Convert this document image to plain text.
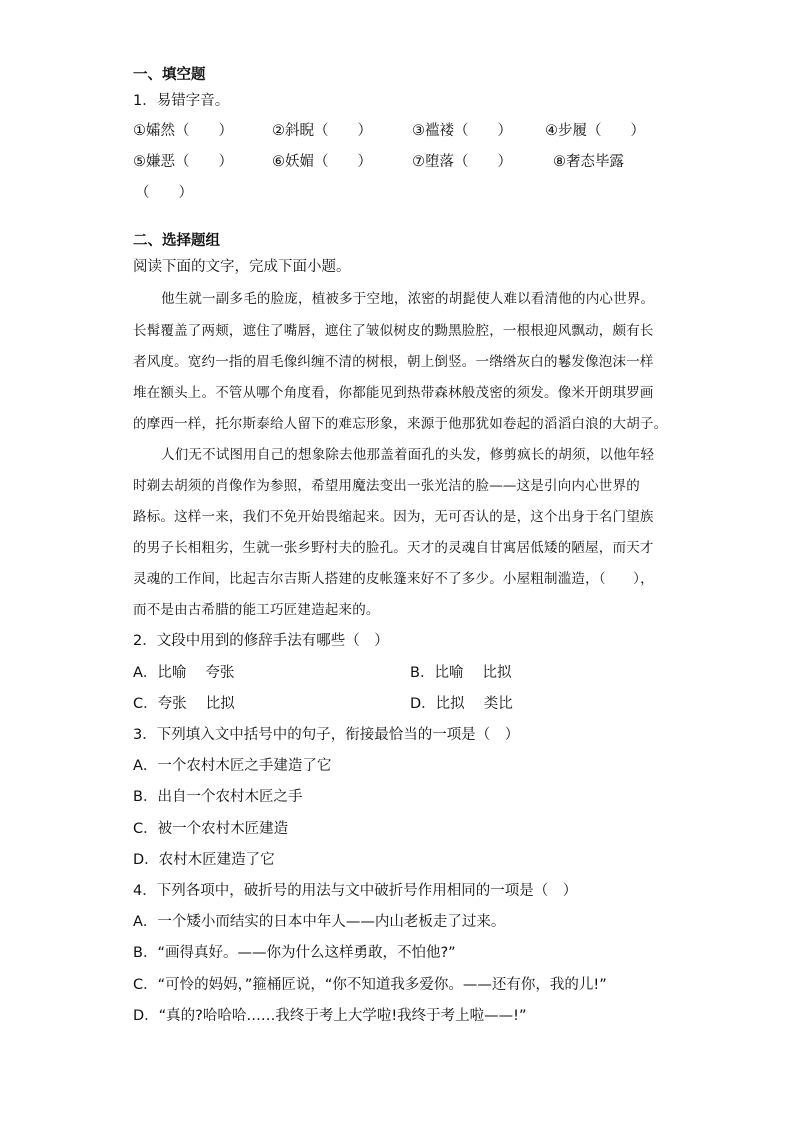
一、填空题
1．易错字音。
①孀然（　　）	②斜睨（　　）	③褴褛（　　） ④步履（　　）
⑤嫌恶（　　）	⑥妖媚（　　）	⑦堕落（　　）	⑧奢态毕露
（　　）
二、选择题组
阅读下面的文字，完成下面小题。
他生就一副多毛的脸庞，植被多于空地，浓密的胡髭使人难以看清他的内心世界。
长髯覆盖了两颊，遮住了嘴唇，遮住了皱似树皮的黝黑脸腔，一根根迎风飘动，颇有长
者风度。宽约一指的眉毛像纠缠不清的树根，朝上倒竖。一绺绺灰白的鬈发像泡沫一样
堆在额头上。不管从哪个角度看，你都能见到热带森林般茂密的须发。像米开朗琪罗画
的摩西一样，托尔斯泰给人留下的难忘形象，来源于他那犹如卷起的滔滔白浪的大胡子。
人们无不试图用自己的想象除去他那盖着面孔的头发，修剪疯长的胡须，以他年轻
时剃去胡须的肖像作为参照，希望用魔法变出一张光洁的脸——这是引向内心世界的
路标。这样一来，我们不免开始畏缩起来。因为，无可否认的是，这个出身于名门望族
的男子长相粗劣，生就一张乡野村夫的脸孔。天才的灵魂自甘寓居低矮的陋屋，而天才
灵魂的工作间，比起吉尔吉斯人搭建的皮帐篷来好不了多少。小屋粗制滥造，（　　），
而不是由古希腊的能工巧匠建造起来的。
2．文段中用到的修辞手法有哪些（　）
A．比喻　 夸张	B．比喻　 比拟
C．夸张　 比拟	D．比拟　 类比
3．下列填入文中括号中的句子，衔接最恰当的一项是（　）
A．一个农村木匠之手建造了它
B．出自一个农村木匠之手
C．被一个农村木匠建造
D．农村木匠建造了它
4．下列各项中，破折号的用法与文中破折号作用相同的一项是（　）
A．一个矮小而结实的日本中年人——内山老板走了过来。
B．“画得真好。——你为什么这样勇敢，不怕他?”
C．“可怜的妈妈，”箍桶匠说，“你不知道我多爱你。——还有你，我的儿!”
D．“真的?哈哈哈……我终于考上大学啦!我终于考上啦——!”
